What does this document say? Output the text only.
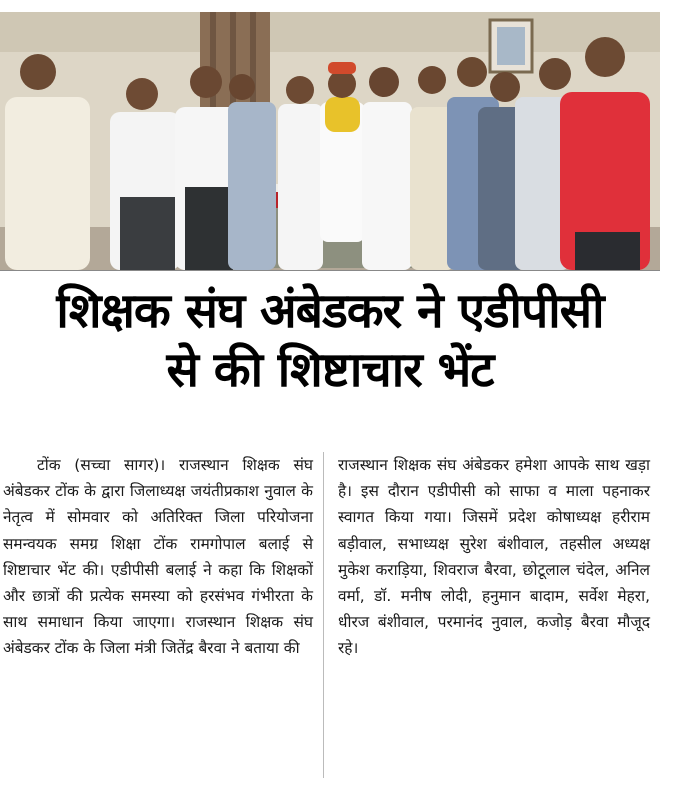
शिक्षक संघ अंबेडकर ने एडीपीसी
से की शिष्टाचार भेंट

टोंक (सच्चा सागर)। राजस्थान शिक्षक संघ अंबेडकर टोंक के द्वारा जिलाध्यक्ष जयंतीप्रकाश नुवाल के नेतृत्व में सोमवार को अतिरिक्त जिला परियोजना समन्वयक समग्र शिक्षा टोंक रामगोपाल बलाई से शिष्टाचार भेंट की। एडीपीसी बलाई ने कहा कि शिक्षकों और छात्रों की प्रत्येक समस्या को हरसंभव गंभीरता के साथ समाधान किया जाएगा। राजस्थान शिक्षक संघ अंबेडकर टोंक के जिला मंत्री जितेंद्र बैरवा ने बताया की

राजस्थान शिक्षक संघ अंबेडकर हमेशा आपके साथ खड़ा है। इस दौरान एडीपीसी को साफा व माला पहनाकर स्वागत किया गया। जिसमें प्रदेश कोषाध्यक्ष हरीराम बड़ीवाल, सभाध्यक्ष सुरेश बंशीवाल, तहसील अध्यक्ष मुकेश कराड़िया, शिवराज बैरवा, छोटूलाल चंदेल, अनिल वर्मा, डॉ. मनीष लोदी, हनुमान बादाम, सर्वेश मेहरा, धीरज बंशीवाल, परमानंद नुवाल, कजोड़ बैरवा मौजूद रहे।
